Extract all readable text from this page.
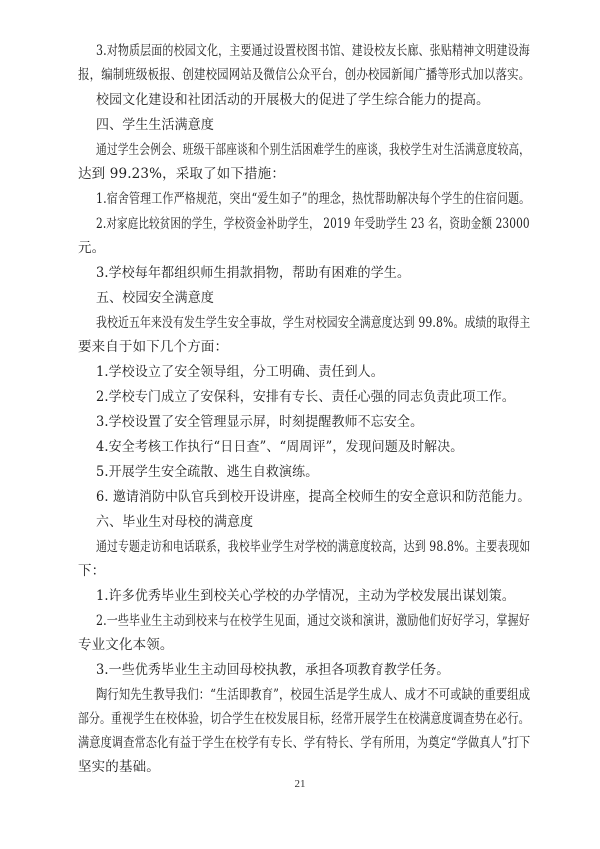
3.对物质层面的校园文化，主要通过设置校图书馆、建设校友长廊、张贴精神文明建设海

报，编制班级板报、创建校园网站及微信公众平台，创办校园新闻广播等形式加以落实。

校园文化建设和社团活动的开展极大的促进了学生综合能力的提高。

四、学生生活满意度

通过学生会例会、班级干部座谈和个别生活困难学生的座谈，我校学生对生活满意度较高，

达到 99.23%，采取了如下措施：

1.宿舍管理工作严格规范，突出“爱生如子”的理念，热忱帮助解决每个学生的住宿问题。

2.对家庭比较贫困的学生，学校资金补助学生， 2019 年受助学生 23 名，资助金额 23000

元。

3.学校每年都组织师生捐款捐物，帮助有困难的学生。

五、校园安全满意度

我校近五年来没有发生学生安全事故，学生对校园安全满意度达到 99.8%。成绩的取得主

要来自于如下几个方面：

1.学校设立了安全领导组，分工明确、责任到人。

2.学校专门成立了安保科，安排有专长、责任心强的同志负责此项工作。

3.学校设置了安全管理显示屏，时刻提醒教师不忘安全。

4.安全考核工作执行“日日查”、“周周评”，发现问题及时解决。

5.开展学生安全疏散、逃生自救演练。

6. 邀请消防中队官兵到校开设讲座，提高全校师生的安全意识和防范能力。

六、毕业生对母校的满意度

通过专题走访和电话联系，我校毕业学生对学校的满意度较高，达到 98.8%。主要表现如

下：

1.许多优秀毕业生到校关心学校的办学情况，主动为学校发展出谋划策。

2.一些毕业生主动到校来与在校学生见面，通过交谈和演讲，激励他们好好学习，掌握好

专业文化本领。

3.一些优秀毕业生主动回母校执教，承担各项教育教学任务。

陶行知先生教导我们：“生活即教育”，校园生活是学生成人、成才不可或缺的重要组成

部分。重视学生在校体验，切合学生在校发展目标，经常开展学生在校满意度调查势在必行。

满意度调查常态化有益于学生在校学有专长、学有特长、学有所用，为奠定“学做真人”打下

坚实的基础。

21
